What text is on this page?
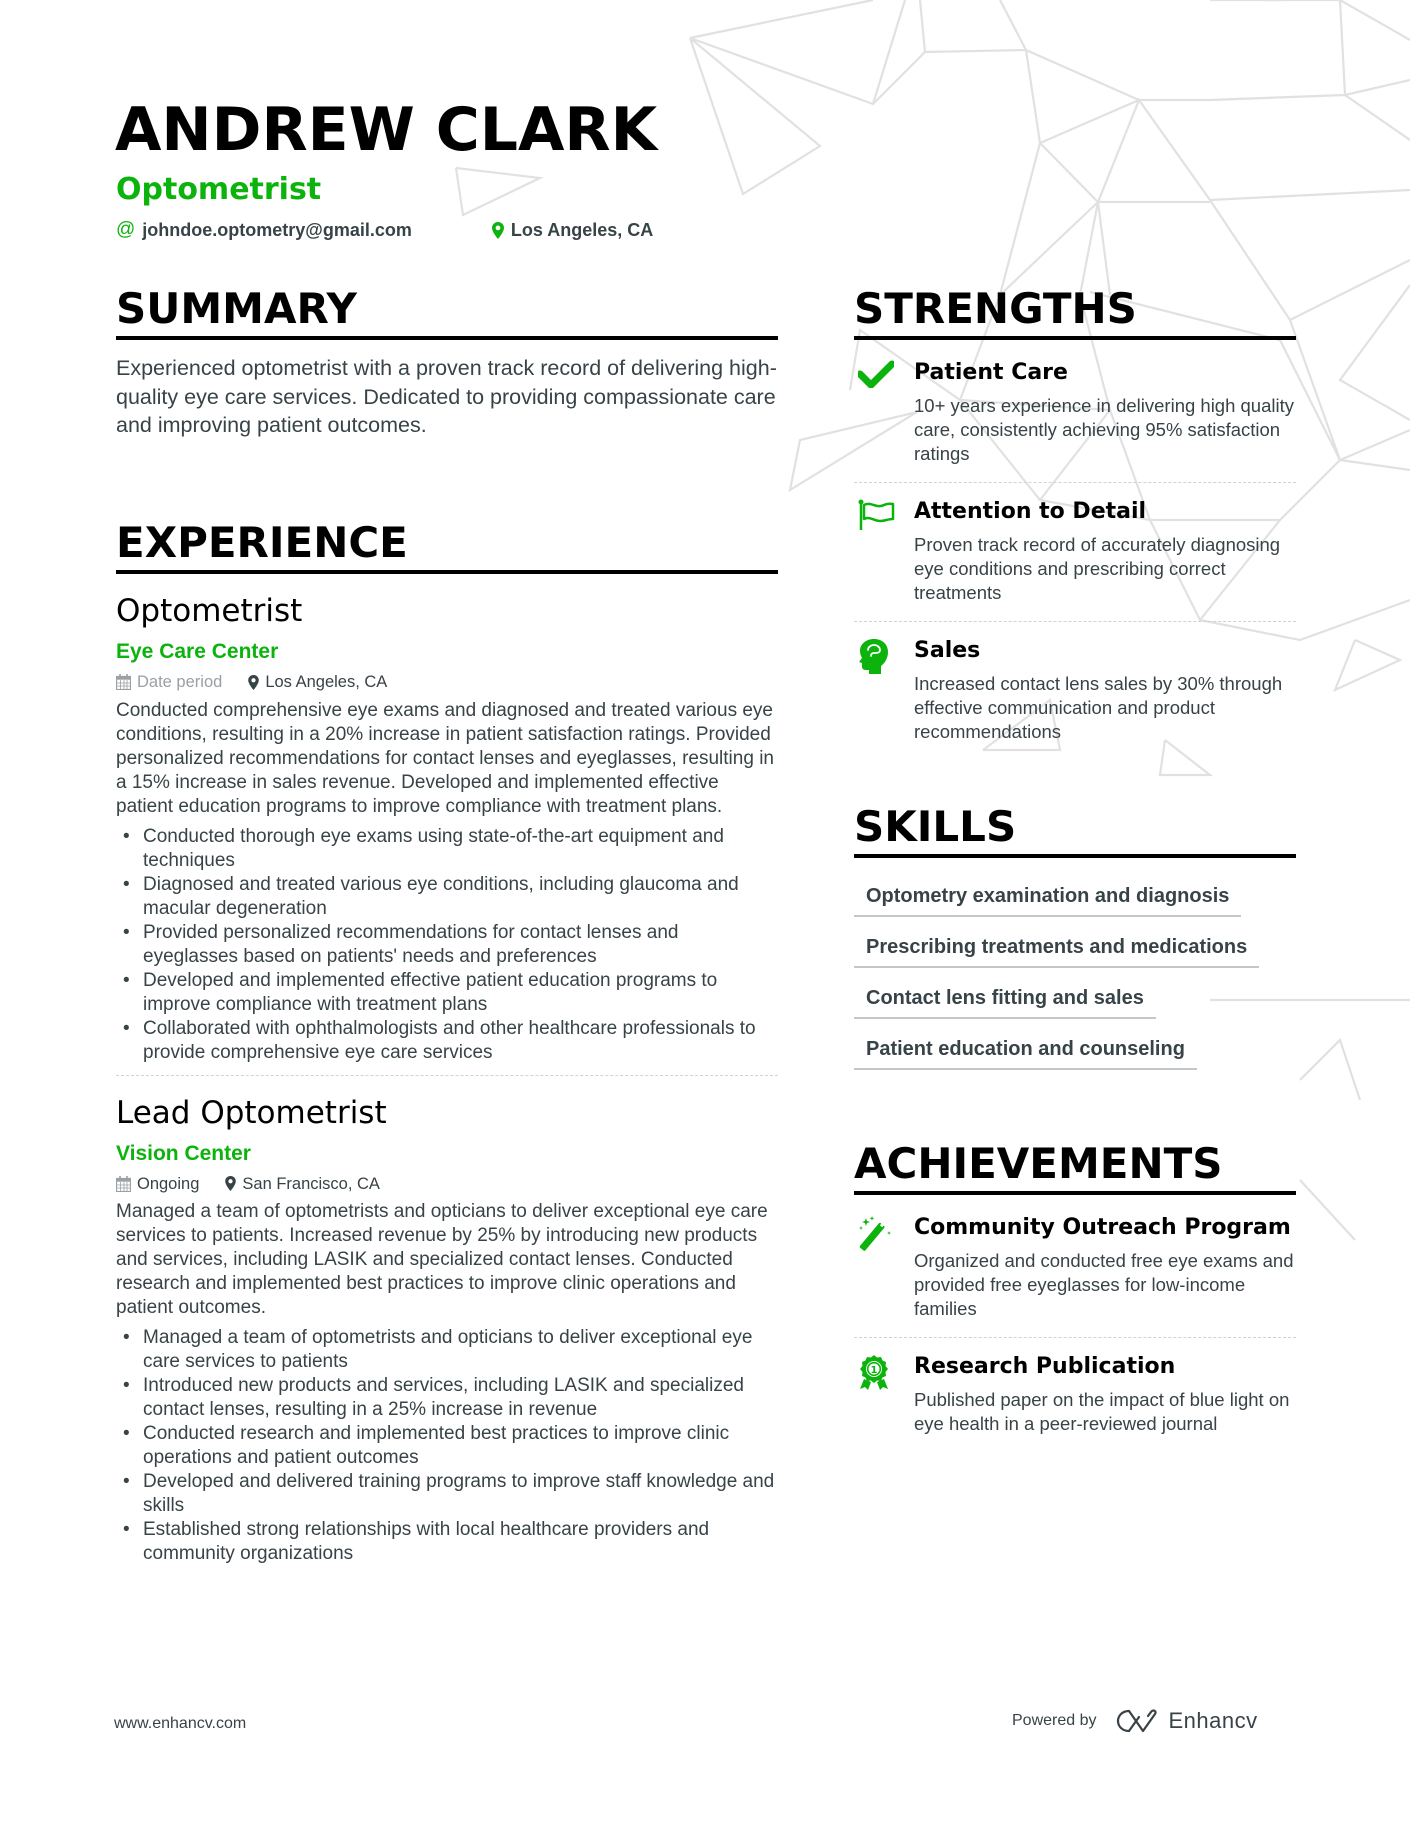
ANDREW CLARK
Optometrist
@ johndoe.optometry@gmail.com	Los Angeles, CA
SUMMARY
Experienced optometrist with a proven track record of delivering high-quality eye care services. Dedicated to providing compassionate care and improving patient outcomes.
EXPERIENCE
Optometrist
Eye Care Center
Date period	Los Angeles, CA
Conducted comprehensive eye exams and diagnosed and treated various eye conditions, resulting in a 20% increase in patient satisfaction ratings. Provided personalized recommendations for contact lenses and eyeglasses, resulting in a 15% increase in sales revenue. Developed and implemented effective patient education programs to improve compliance with treatment plans.
• Conducted thorough eye exams using state-of-the-art equipment and techniques
• Diagnosed and treated various eye conditions, including glaucoma and macular degeneration
• Provided personalized recommendations for contact lenses and eyeglasses based on patients' needs and preferences
• Developed and implemented effective patient education programs to improve compliance with treatment plans
• Collaborated with ophthalmologists and other healthcare professionals to provide comprehensive eye care services
Lead Optometrist
Vision Center
Ongoing	San Francisco, CA
Managed a team of optometrists and opticians to deliver exceptional eye care services to patients. Increased revenue by 25% by introducing new products and services, including LASIK and specialized contact lenses. Conducted research and implemented best practices to improve clinic operations and patient outcomes.
• Managed a team of optometrists and opticians to deliver exceptional eye care services to patients
• Introduced new products and services, including LASIK and specialized contact lenses, resulting in a 25% increase in revenue
• Conducted research and implemented best practices to improve clinic operations and patient outcomes
• Developed and delivered training programs to improve staff knowledge and skills
• Established strong relationships with local healthcare providers and community organizations
STRENGTHS
Patient Care
10+ years experience in delivering high quality care, consistently achieving 95% satisfaction ratings
Attention to Detail
Proven track record of accurately diagnosing eye conditions and prescribing correct treatments
Sales
Increased contact lens sales by 30% through effective communication and product recommendations
SKILLS
Optometry examination and diagnosis
Prescribing treatments and medications
Contact lens fitting and sales
Patient education and counseling
ACHIEVEMENTS
Community Outreach Program
Organized and conducted free eye exams and provided free eyeglasses for low-income families
1 Research Publication
Published paper on the impact of blue light on eye health in a peer-reviewed journal
www.enhancv.com	Powered by	Enhancv
